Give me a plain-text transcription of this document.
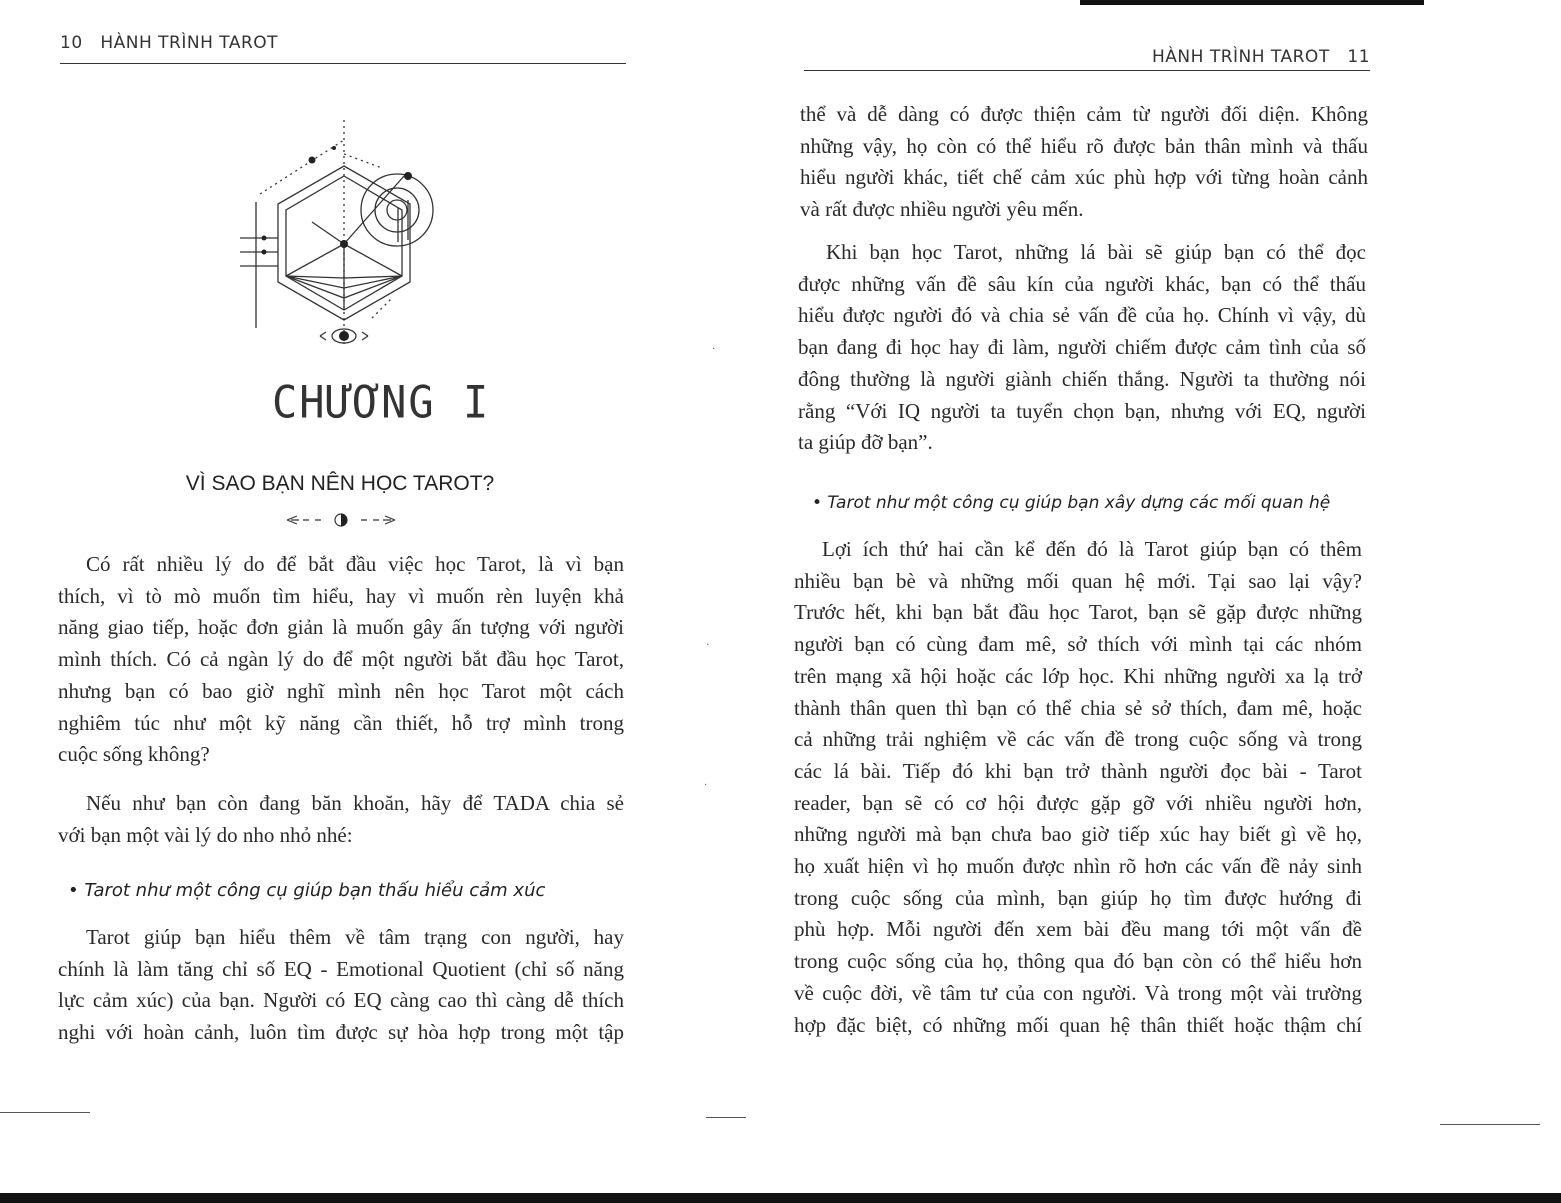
10 HÀNH TRÌNH TAROT
CHƯƠNG I
VÌ SAO BẠN NÊN HỌC TAROT?
Có rất nhiều lý do để bắt đầu việc học Tarot, là vì bạn
thích, vì tò mò muốn tìm hiểu, hay vì muốn rèn luyện khả
năng giao tiếp, hoặc đơn giản là muốn gây ấn tượng với người
mình thích. Có cả ngàn lý do để một người bắt đầu học Tarot,
nhưng bạn có bao giờ nghĩ mình nên học Tarot một cách
nghiêm túc như một kỹ năng cần thiết, hỗ trợ mình trong
cuộc sống không?
Nếu như bạn còn đang băn khoăn, hãy để TADA chia sẻ
với bạn một vài lý do nho nhỏ nhé:
• Tarot như một công cụ giúp bạn thấu hiểu cảm xúc
Tarot giúp bạn hiểu thêm về tâm trạng con người, hay
chính là làm tăng chỉ số EQ - Emotional Quotient (chỉ số năng
lực cảm xúc) của bạn. Người có EQ càng cao thì càng dễ thích
nghi với hoàn cảnh, luôn tìm được sự hòa hợp trong một tập
·
·
·
HÀNH TRÌNH TAROT 11
thể và dễ dàng có được thiện cảm từ người đối diện. Không
những vậy, họ còn có thể hiểu rõ được bản thân mình và thấu
hiểu người khác, tiết chế cảm xúc phù hợp với từng hoàn cảnh
và rất được nhiều người yêu mến.
Khi bạn học Tarot, những lá bài sẽ giúp bạn có thể đọc
được những vấn đề sâu kín của người khác, bạn có thể thấu
hiểu được người đó và chia sẻ vấn đề của họ. Chính vì vậy, dù
bạn đang đi học hay đi làm, người chiếm được cảm tình của số
đông thường là người giành chiến thắng. Người ta thường nói
rằng “Với IQ người ta tuyển chọn bạn, nhưng với EQ, người
ta giúp đỡ bạn”.
• Tarot như một công cụ giúp bạn xây dựng các mối quan hệ
Lợi ích thứ hai cần kể đến đó là Tarot giúp bạn có thêm
nhiều bạn bè và những mối quan hệ mới. Tại sao lại vậy?
Trước hết, khi bạn bắt đầu học Tarot, bạn sẽ gặp được những
người bạn có cùng đam mê, sở thích với mình tại các nhóm
trên mạng xã hội hoặc các lớp học. Khi những người xa lạ trở
thành thân quen thì bạn có thể chia sẻ sở thích, đam mê, hoặc
cả những trải nghiệm về các vấn đề trong cuộc sống và trong
các lá bài. Tiếp đó khi bạn trở thành người đọc bài - Tarot
reader, bạn sẽ có cơ hội được gặp gỡ với nhiều người hơn,
những người mà bạn chưa bao giờ tiếp xúc hay biết gì về họ,
họ xuất hiện vì họ muốn được nhìn rõ hơn các vấn đề nảy sinh
trong cuộc sống của mình, bạn giúp họ tìm được hướng đi
phù hợp. Mỗi người đến xem bài đều mang tới một vấn đề
trong cuộc sống của họ, thông qua đó bạn còn có thể hiểu hơn
về cuộc đời, về tâm tư của con người. Và trong một vài trường
hợp đặc biệt, có những mối quan hệ thân thiết hoặc thậm chí
